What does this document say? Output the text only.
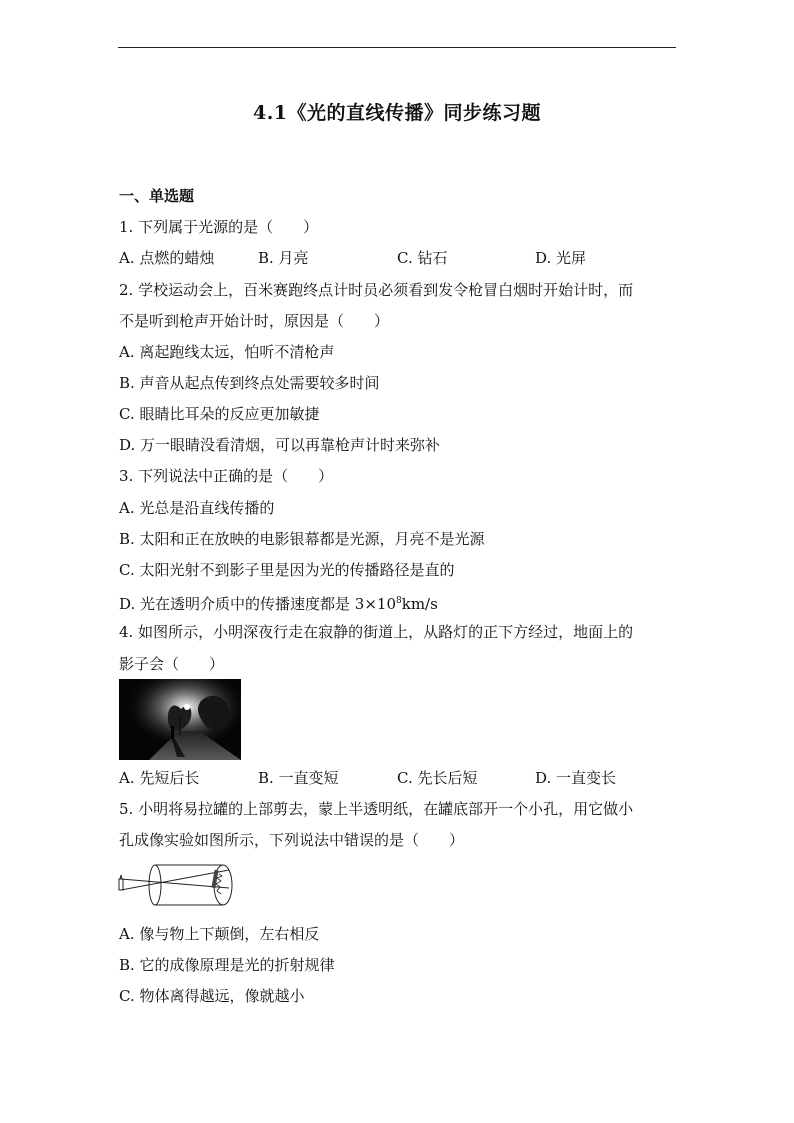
4.1《光的直线传播》同步练习题
一、单选题
1. 下列属于光源的是（　　）
A. 点燃的蜡烛	B. 月亮	C. 钻石	D. 光屏
2. 学校运动会上，百米赛跑终点计时员必须看到发令枪冒白烟时开始计时，而
不是听到枪声开始计时，原因是（　　）
A. 离起跑线太远，怕听不清枪声
B. 声音从起点传到终点处需要较多时间
C. 眼睛比耳朵的反应更加敏捷
D. 万一眼睛没看清烟，可以再靠枪声计时来弥补
3. 下列说法中正确的是（　　）
A. 光总是沿直线传播的
B. 太阳和正在放映的电影银幕都是光源，月亮不是光源
C. 太阳光射不到影子里是因为光的传播路径是直的
D. 光在透明介质中的传播速度都是 $3\times 10^8km/s$
4. 如图所示，小明深夜行走在寂静的街道上，从路灯的正下方经过，地面上的
影子会（　　）
A. 先短后长	B. 一直变短	C. 先长后短	D. 一直变长
5. 小明将易拉罐的上部剪去，蒙上半透明纸，在罐底部开一个小孔，用它做小
孔成像实验如图所示，下列说法中错误的是（　　）
A. 像与物上下颠倒，左右相反
B. 它的成像原理是光的折射规律
C. 物体离得越远，像就越小
